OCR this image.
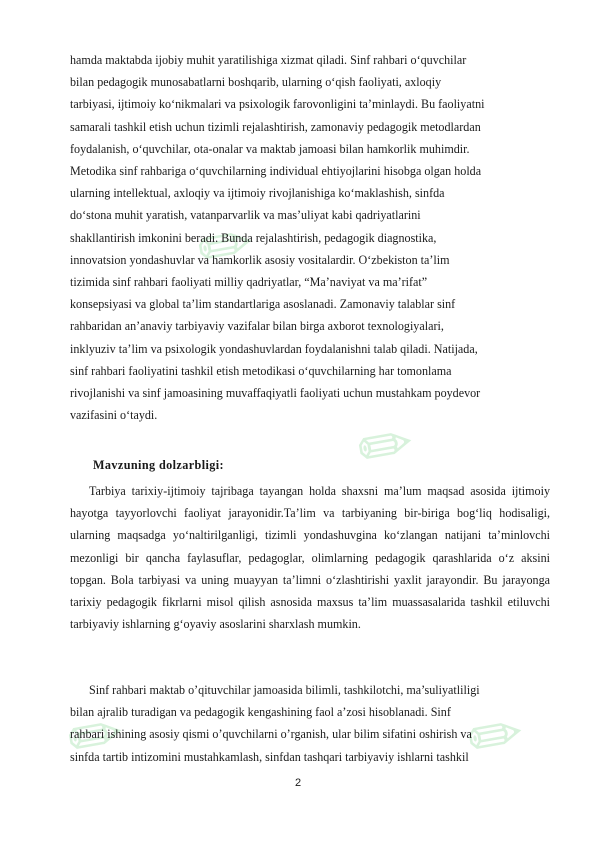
✎
✎
✎
✎

hamda maktabda ijobiy muhit yaratilishiga xizmat qiladi. Sinf rahbari o‘quvchilar

bilan pedagogik munosabatlarni boshqarib, ularning o‘qish faoliyati, axloqiy

tarbiyasi, ijtimoiy ko‘nikmalari va psixologik farovonligini ta’minlaydi. Bu faoliyatni

samarali tashkil etish uchun tizimli rejalashtirish, zamonaviy pedagogik metodlardan

foydalanish, o‘quvchilar, ota-onalar va maktab jamoasi bilan hamkorlik muhimdir.

Metodika sinf rahbariga o‘quvchilarning individual ehtiyojlarini hisobga olgan holda

ularning intellektual, axloqiy va ijtimoiy rivojlanishiga ko‘maklashish, sinfda

do‘stona muhit yaratish, vatanparvarlik va mas’uliyat kabi qadriyatlarini

shakllantirish imkonini beradi. Bunda rejalashtirish, pedagogik diagnostika,

innovatsion yondashuvlar va hamkorlik asosiy vositalardir. O‘zbekiston ta’lim

tizimida sinf rahbari faoliyati milliy qadriyatlar, “Ma’naviyat va ma’rifat”

konsepsiyasi va global ta’lim standartlariga asoslanadi. Zamonaviy talablar sinf

rahbaridan an’anaviy tarbiyaviy vazifalar bilan birga axborot texnologiyalari,

inklyuziv ta’lim va psixologik yondashuvlardan foydalanishni talab qiladi. Natijada,

sinf rahbari faoliyatini tashkil etish metodikasi o‘quvchilarning har tomonlama

rivojlanishi va sinf jamoasining muvaffaqiyatli faoliyati uchun mustahkam poydevor

vazifasini o‘taydi.

Mavzuning dolzarbligi:

Tarbiya tarixiy-ijtimoiy tajribaga tayangan holda shaxsni ma’lum maqsad asosida ijtimoiy hayotga tayyorlovchi faoliyat jarayonidir.Ta’lim va tarbiyaning bir-biriga bog‘liq hodisaligi, ularning maqsadga yo‘naltirilganligi, tizimli yondashuvgina ko‘zlangan natijani ta’minlovchi mezonligi bir qancha faylasuflar, pedagoglar, olimlarning pedagogik qarashlarida o‘z aksini topgan. Bola tarbiyasi va uning muayyan ta’limni o‘zlashtirishi yaxlit jarayondir. Bu jarayonga tarixiy pedagogik fikrlarni misol qilish asnosida maxsus ta’lim muassasalarida tashkil etiluvchi tarbiyaviy ishlarning g‘oyaviy asoslarini sharxlash mumkin.

Sinf rahbari maktab o’qituvchilar jamoasida bilimli, tashkilotchi, ma’suliyatliligi

bilan ajralib turadigan va pedagogik kengashining faol a’zosi hisoblanadi. Sinf

rahbari ishining asosiy qismi o’quvchilarni o’rganish, ular bilim sifatini oshirish va

sinfda tartib intizomini mustahkamlash, sinfdan tashqari tarbiyaviy ishlarni tashkil

2
